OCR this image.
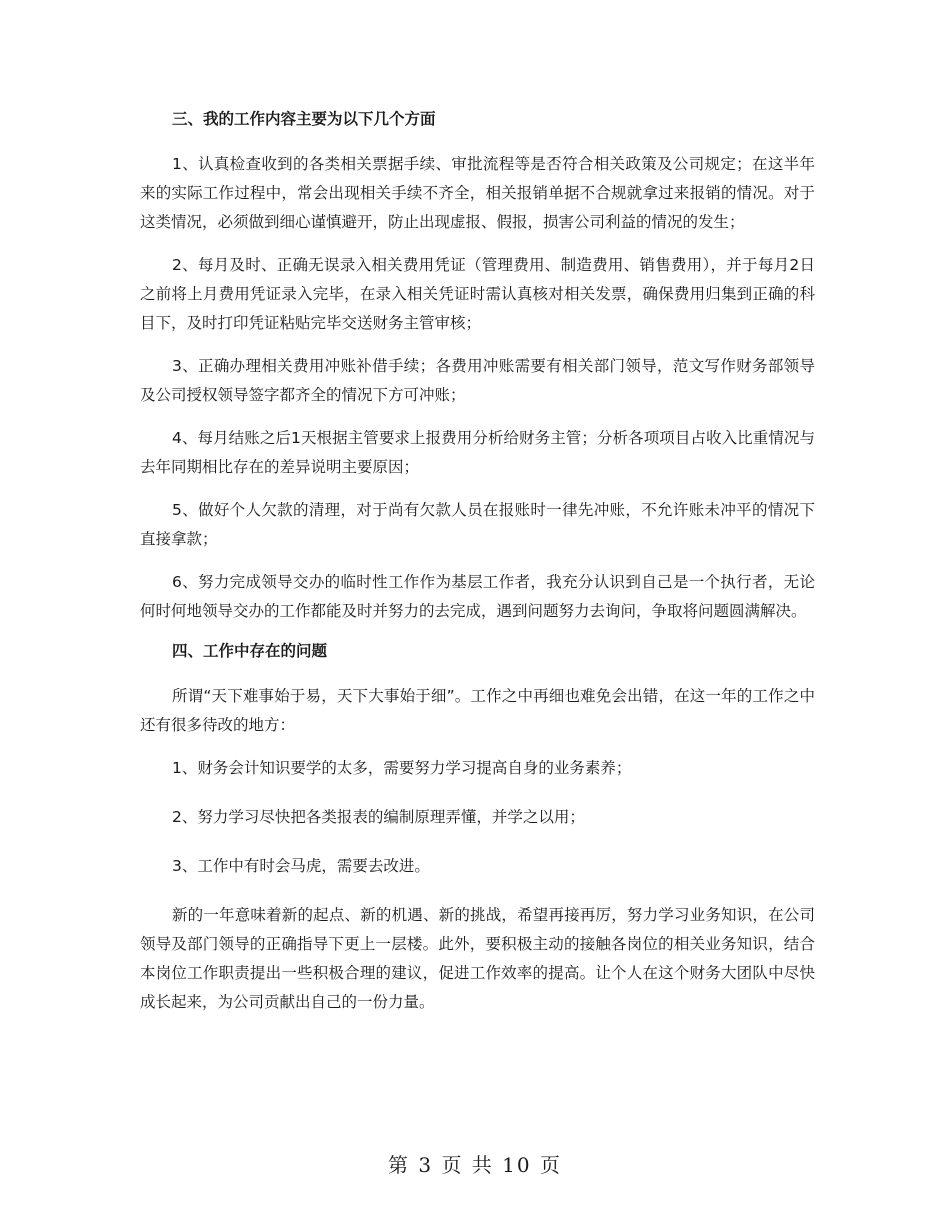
三、我的工作内容主要为以下几个方面

1、认真检查收到的各类相关票据手续、审批流程等是否符合相关政策及公司规定；在这半年来的实际工作过程中，常会出现相关手续不齐全，相关报销单据不合规就拿过来报销的情况。对于这类情况，必须做到细心谨慎避开，防止出现虚报、假报，损害公司利益的情况的发生；

2、每月及时、正确无误录入相关费用凭证（管理费用、制造费用、销售费用），并于每月2日之前将上月费用凭证录入完毕，在录入相关凭证时需认真核对相关发票，确保费用归集到正确的科目下，及时打印凭证粘贴完毕交送财务主管审核；

3、正确办理相关费用冲账补借手续；各费用冲账需要有相关部门领导，范文写作财务部领导及公司授权领导签字都齐全的情况下方可冲账；

4、每月结账之后1天根据主管要求上报费用分析给财务主管；分析各项项目占收入比重情况与去年同期相比存在的差异说明主要原因；

5、做好个人欠款的清理，对于尚有欠款人员在报账时一律先冲账，不允许账未冲平的情况下直接拿款；

6、努力完成领导交办的临时性工作作为基层工作者，我充分认识到自己是一个执行者，无论何时何地领导交办的工作都能及时并努力的去完成，遇到问题努力去询问，争取将问题圆满解决。

四、工作中存在的问题

所谓“天下难事始于易，天下大事始于细”。工作之中再细也难免会出错，在这一年的工作之中还有很多待改的地方：

1、财务会计知识要学的太多，需要努力学习提高自身的业务素养；

2、努力学习尽快把各类报表的编制原理弄懂，并学之以用；

3、工作中有时会马虎，需要去改进。

新的一年意味着新的起点、新的机遇、新的挑战，希望再接再厉，努力学习业务知识，在公司领导及部门领导的正确指导下更上一层楼。此外，要积极主动的接触各岗位的相关业务知识，结合本岗位工作职责提出一些积极合理的建议，促进工作效率的提高。让个人在这个财务大团队中尽快成长起来，为公司贡献出自己的一份力量。

第 3 页 共 10 页
